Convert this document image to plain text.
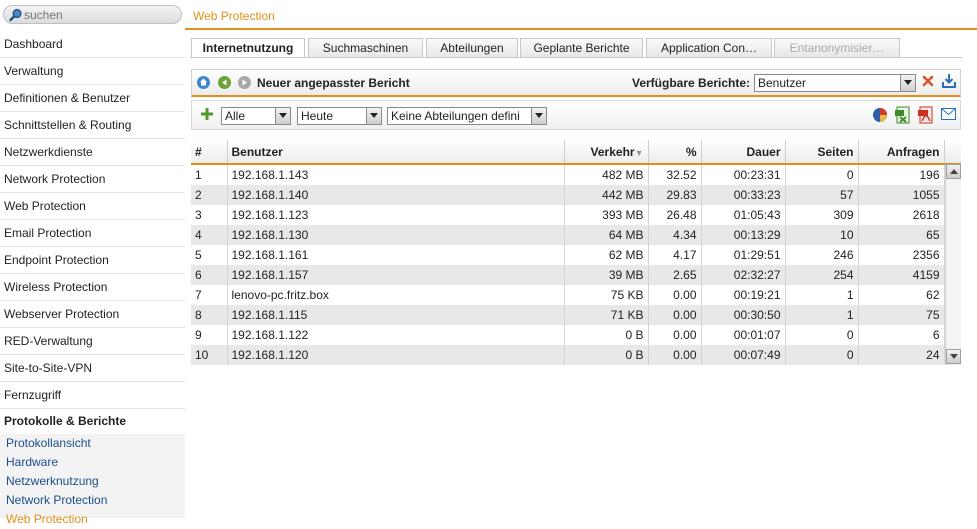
suchen
Dashboard
Verwaltung
Definitionen & Benutzer
Schnittstellen & Routing
Netzwerkdienste
Network Protection
Web Protection
Email Protection
Endpoint Protection
Wireless Protection
Webserver Protection
RED-Verwaltung
Site-to-Site-VPN
Fernzugriff
Protokolle & Berichte
Protokollansicht
Hardware
Netzwerknutzung
Network Protection
Web Protection
Web Protection
Internetnutzung	Suchmaschinen	Abteilungen	Geplante Berichte	Application Con…	Entanonymisier…
Neuer angepasster Bericht	Verfügbare Berichte: Benutzer
Alle	Heute	Keine Abteilungen defini
#	Benutzer	Verkehr▼	%	Dauer	Seiten	Anfragen	
1	192.168.1.143	482 MB	32.52	00:23:31	0	196	
2	192.168.1.140	442 MB	29.83	00:33:23	57	1055	
3	192.168.1.123	393 MB	26.48	01:05:43	309	2618	
4	192.168.1.130	64 MB	4.34	00:13:29	10	65	
5	192.168.1.161	62 MB	4.17	01:29:51	246	2356	
6	192.168.1.157	39 MB	2.65	02:32:27	254	4159	
7	lenovo-pc.fritz.box	75 KB	0.00	00:19:21	1	62	
8	192.168.1.115	71 KB	0.00	00:30:50	1	75	
9	192.168.1.122	0 B	0.00	00:01:07	0	6	
10	192.168.1.120	0 B	0.00	00:07:49	0	24	
